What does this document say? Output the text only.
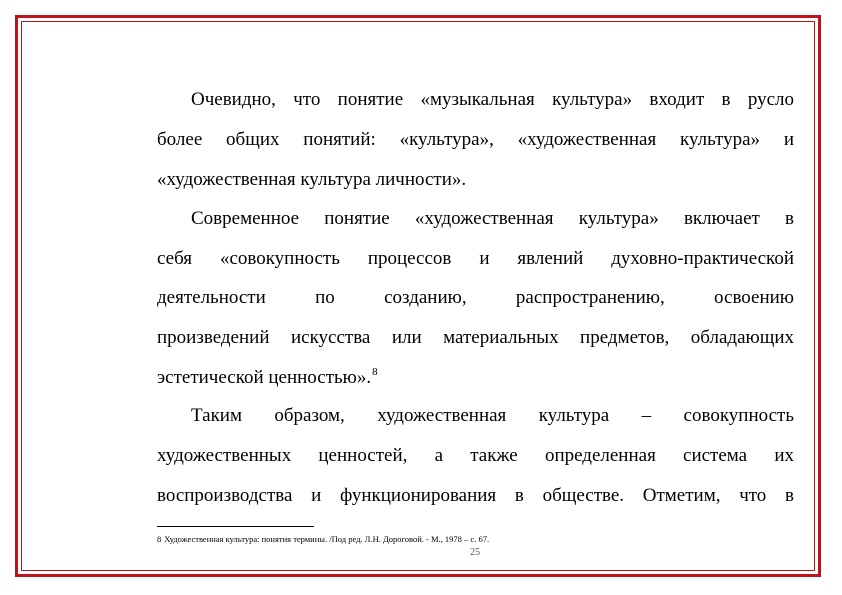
Очевидно, что понятие «музыкальная культура» входит в русло
более общих понятий: «культура», «художественная культура» и
«художественная культура личности».
Современное понятие «художественная культура» включает в
себя «совокупность процессов и явлений духовно-практической
деятельности по созданию, распространению, освоению
произведений искусства или материальных предметов, обладающих
эстетической ценностью».$^8$
Таким образом, художественная культура – совокупность
художественных ценностей, а также определенная система их
воспроизводства и функционирования в обществе. Отметим, что в
8 Художественная культура: понятия термины. /Под ред. Л.Н. Дороговой. - М., 1978 – с. 67.
25
